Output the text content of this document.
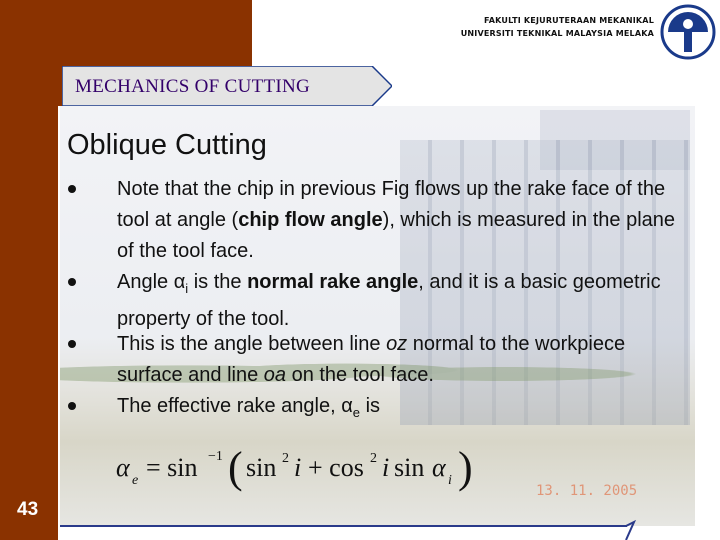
FAKULTI KEJURUTERAAN MEKANIKAL
UNIVERSITI TEKNIKAL MALAYSIA MELAKA
MECHANICS OF CUTTING
Oblique Cutting
Note that the chip in previous Fig flows up the rake face of the tool at angle (chip flow angle), which is measured in the plane of the tool face.
Angle $\alpha_i$ is the normal rake angle, and it is a basic geometric property of the tool.
This is the angle between line oz normal to the workpiece surface and line oa on the tool face.
The effective rake angle, $\alpha_e$ is
α e = sin −1 ( sin 2 i + cos 2 i sin α i )	13. 11. 2005
43
